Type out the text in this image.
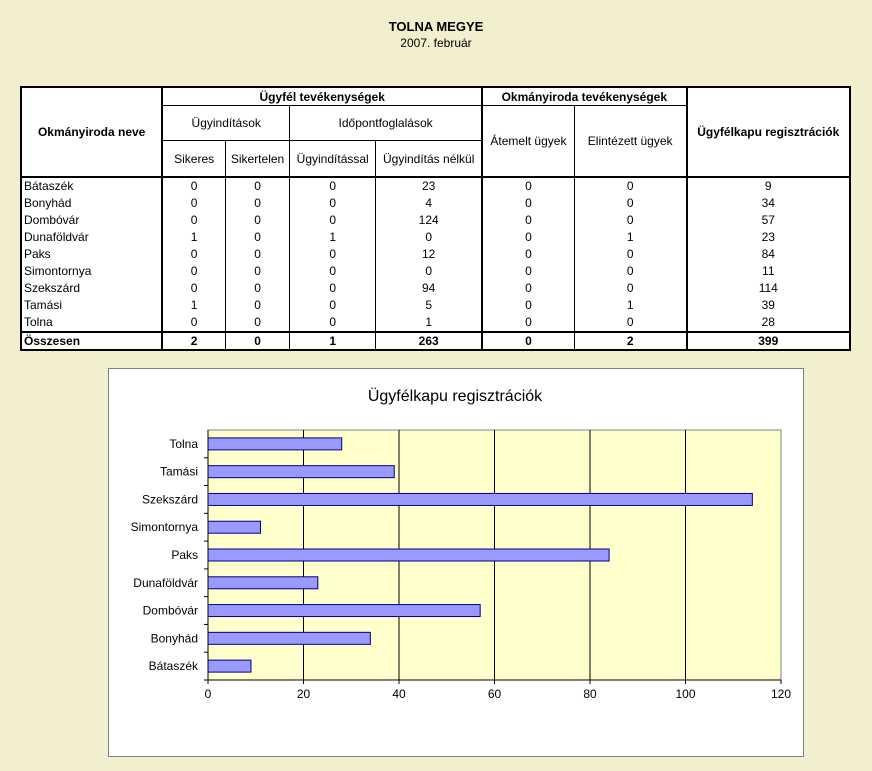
TOLNA MEGYE
2007. február
Okmányiroda neve	Ügyfél tevékenységek				Okmányiroda tevékenységek		Ügyfélkapu regisztrációk
	Ügyindítások		Időpontfoglalások		Átemelt ügyek	Elintézett ügyek	
	Sikeres	Sikertelen	Ügyindítással	Ügyindítás nélkül			
Bátaszék	0	0	0	23	0	0	9
Bonyhád	0	0	0	4	0	0	34
Dombóvár	0	0	0	124	0	0	57
Dunaföldvár	1	0	1	0	0	1	23
Paks	0	0	0	12	0	0	84
Simontornya	0	0	0	0	0	0	11
Szekszárd	0	0	0	94	0	0	114
Tamási	1	0	0	5	0	1	39
Tolna	0	0	0	1	0	0	28
Összesen	2	0	1	263	0	2	399
Ügyfélkapu regisztrációk
0	20	40	60	80	100	120
Bátaszék
Bonyhád
Dombóvár
Dunaföldvár
Paks
Simontornya
Szekszárd
Tamási
Tolna
